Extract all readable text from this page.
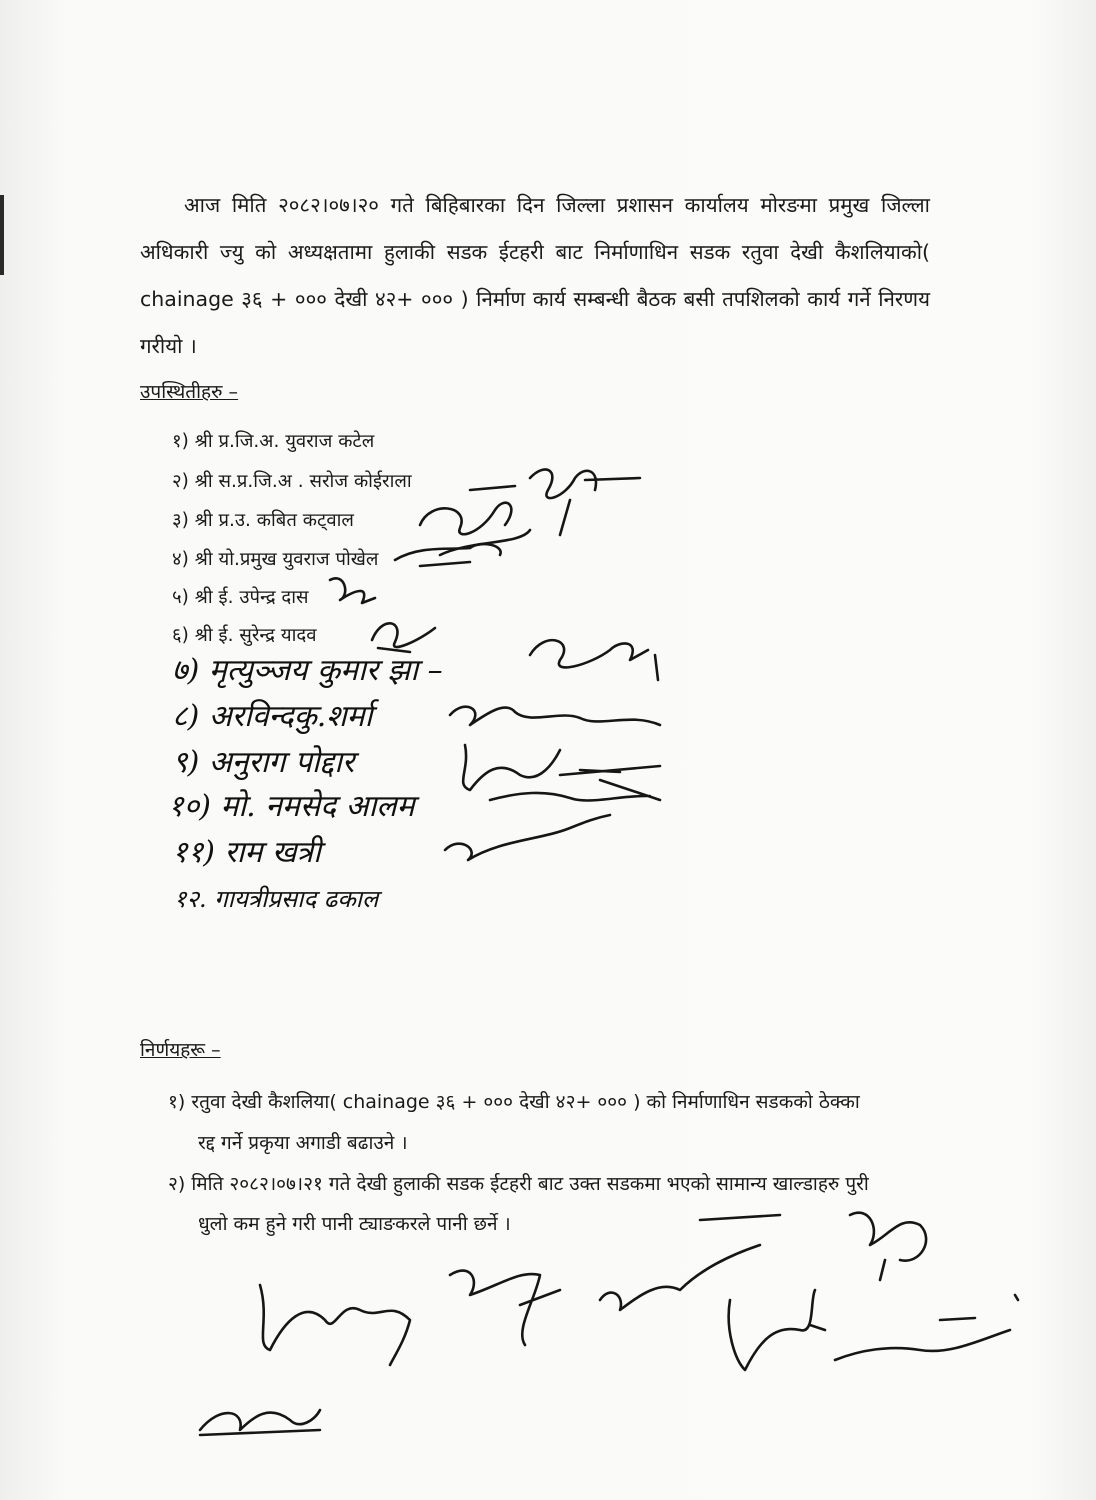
आज मिति २०८२।०७।२० गते बिहिबारका दिन जिल्ला प्रशासन कार्यालय मोरङमा प्रमुख जिल्ला अधिकारी ज्यु को अध्यक्षतामा हुलाकी सडक ईटहरी बाट निर्माणाधिन सडक रतुवा देखी कैशलियाको( chainage ३६ + ००० देखी ४२+ ००० ) निर्माण कार्य सम्बन्धी बैठक बसी तपशिलको कार्य गर्ने निरणय गरीयो ।
उपस्थितीहरु –
१) श्री प्र.जि.अ. युवराज कटेल
२) श्री स.प्र.जि.अ . सरोज कोईराला
३) श्री प्र.उ. कबित कट्वाल
४) श्री यो.प्रमुख युवराज पोखेल
५) श्री ई. उपेन्द्र दास
६) श्री ई. सुरेन्द्र यादव
७) मृत्युञ्जय कुमार झा –
८) अरविन्दकु.शर्मा
९) अनुराग पोद्दार
१०) मो. नमसेद आलम
११) राम खत्री
१२. गायत्रीप्रसाद ढकाल
निर्णयहरू –
१) रतुवा देखी कैशलिया( chainage ३६ + ००० देखी ४२+ ००० ) को निर्माणाधिन सडकको ठेक्का
रद्द गर्ने प्रकृया अगाडी बढाउने ।
२) मिति २०८२।०७।२१ गते देखी हुलाकी सडक ईटहरी बाट उक्त सडकमा भएको सामान्य खाल्डाहरु पुरी
धुलो कम हुने गरी पानी ट्याङकरले पानी छर्ने ।
